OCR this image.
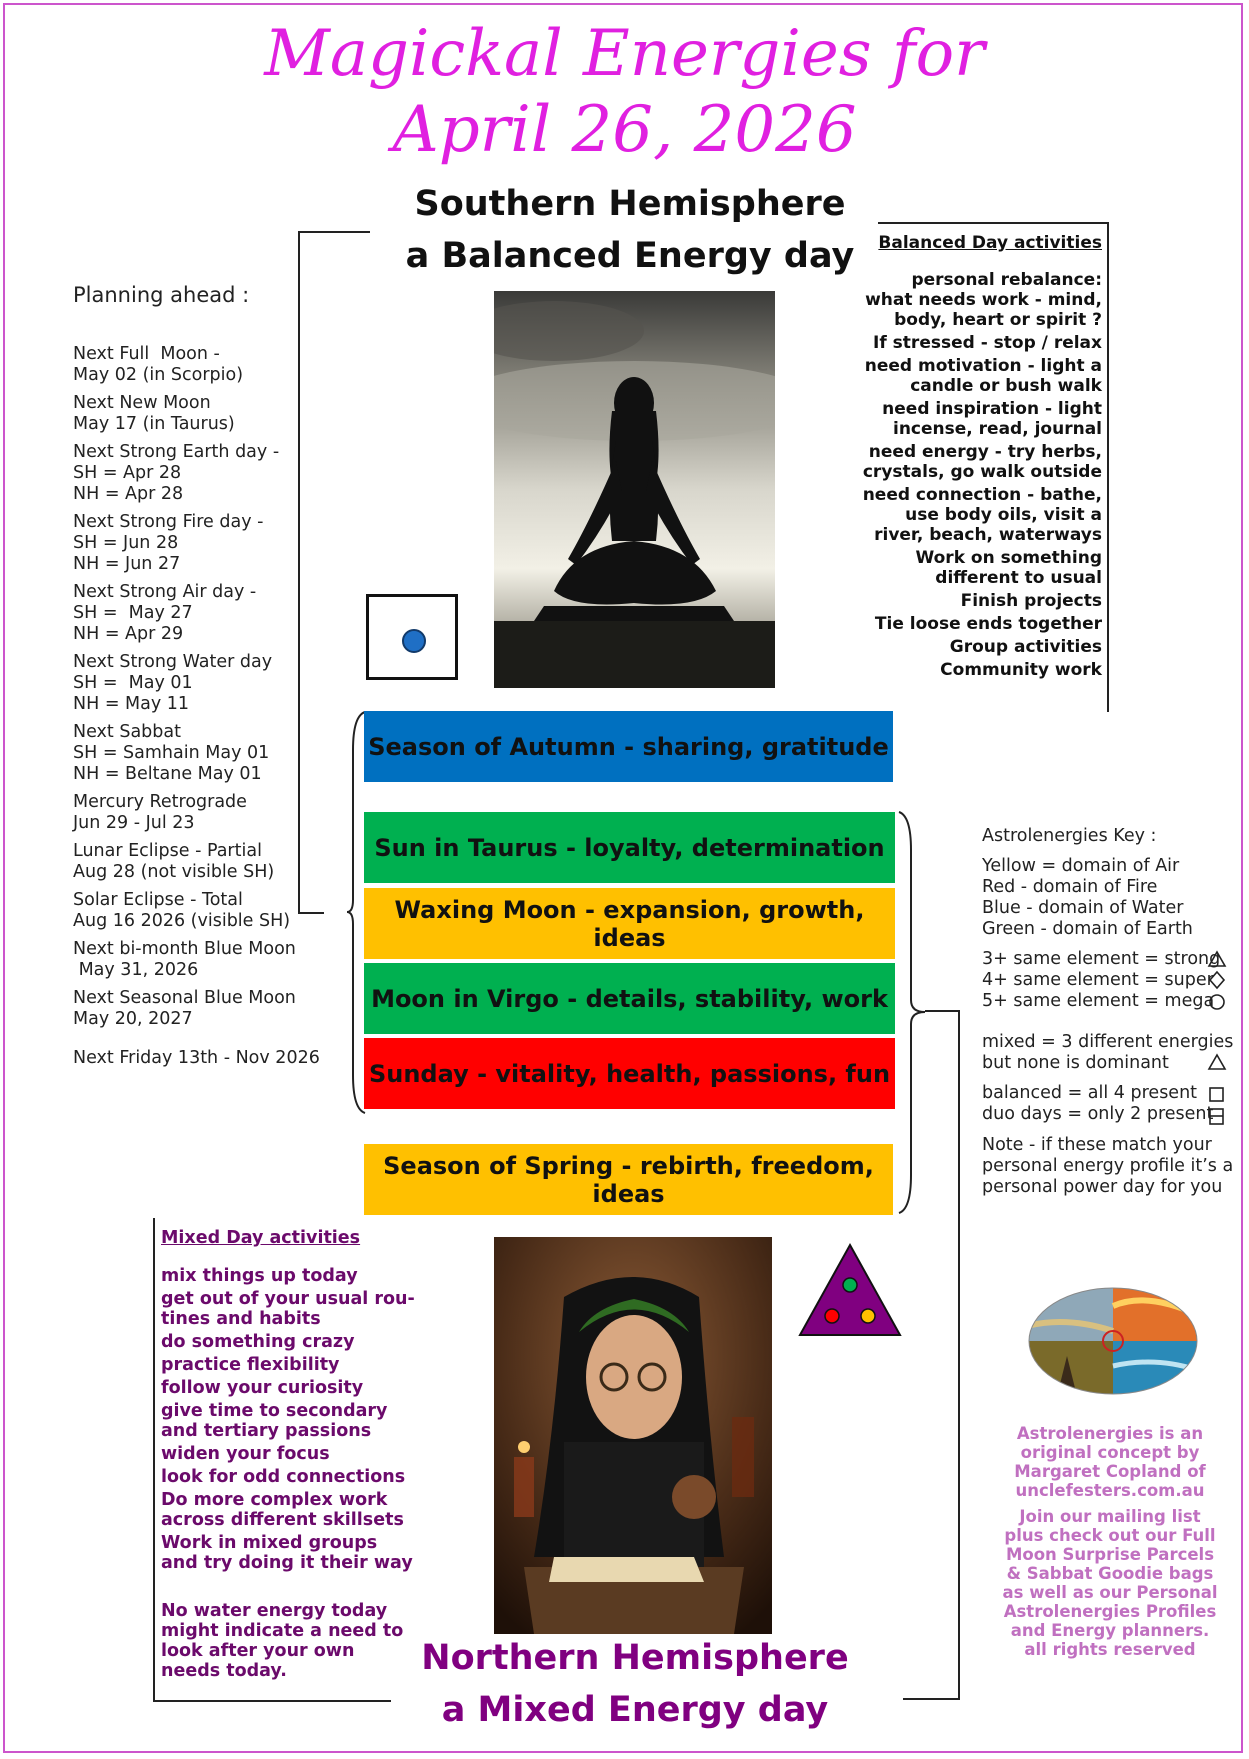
Magickal Energies for
April 26, 2026
Southern Hemisphere
a Balanced Energy day
Planning ahead :
Next Full  Moon -
May 02 (in Scorpio)
Next New Moon
May 17 (in Taurus)
Next Strong Earth day -
SH = Apr 28
NH = Apr 28
Next Strong Fire day -
SH = Jun 28
NH = Jun 27
Next Strong Air day -
SH =  May 27
NH = Apr 29
Next Strong Water day
SH =  May 01
NH = May 11
Next Sabbat
SH = Samhain May 01
NH = Beltane May 01
Mercury Retrograde
Jun 29 - Jul 23
Lunar Eclipse - Partial
Aug 28 (not visible SH)
Solar Eclipse - Total
Aug 16 2026 (visible SH)
Next bi-month Blue Moon
May 31, 2026
Next Seasonal Blue Moon
May 20, 2027
Next Friday 13th - Nov 2026
Balanced Day activities
personal rebalance:
what needs work - mind,
body, heart or spirit ?
If stressed - stop / relax
need motivation - light a
candle or bush walk
need inspiration - light
incense, read, journal
need energy - try herbs,
crystals, go walk outside
need connection - bathe,
use body oils, visit a
river, beach, waterways
Work on something
different to usual
Finish projects
Tie loose ends together
Group activities
Community work
Season of Autumn - sharing, gratitude
Sun in Taurus - loyalty, determination
Waxing Moon - expansion, growth, ideas
Moon in Virgo - details, stability, work
Sunday - vitality, health, passions, fun
Season of Spring - rebirth, freedom, ideas
Astrolenergies Key :
Yellow = domain of Air
Red - domain of Fire
Blue - domain of Water
Green - domain of Earth
3+ same element = strong
4+ same element = super
5+ same element = mega
mixed = 3 different energies
but none is dominant
balanced = all 4 present
duo days = only 2 present
Note - if these match your
personal energy profile it’s a
personal power day for you
Mixed Day activities
mix things up today
get out of your usual rou-
tines and habits
do something crazy
practice flexibility
follow your curiosity
give time to secondary
and tertiary passions
widen your focus
look for odd connections
Do more complex work
across different skillsets
Work in mixed groups
and try doing it their way
No water energy today
might indicate a need to
look after your own
needs today.	Northern Hemisphere
a Mixed Energy day
Astrolenergies is an
original concept by
Margaret Copland of
unclefesters.com.au
Join our mailing list
plus check out our Full
Moon Surprise Parcels
& Sabbat Goodie bags
as well as our Personal
Astrolenergies Profiles
and Energy planners.
all rights reserved
